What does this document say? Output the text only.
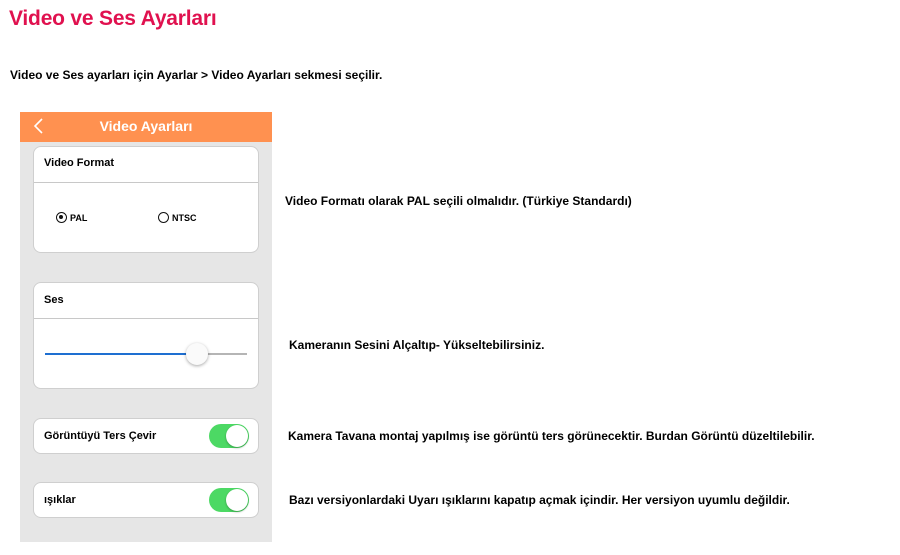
Video ve Ses Ayarları
Video ve Ses ayarları için Ayarlar > Video Ayarları sekmesi seçilir.
Video Ayarları
Video Format
PAL	NTSC
Ses
Görüntüyü Ters Çevir
ışıklar
Video Formatı olarak PAL seçili olmalıdır. (Türkiye Standardı)
Kameranın Sesini Alçaltıp- Yükseltebilirsiniz.
Kamera Tavana montaj yapılmış ise görüntü ters görünecektir. Burdan Görüntü düzeltilebilir.
Bazı versiyonlardaki Uyarı ışıklarını kapatıp açmak içindir. Her versiyon uyumlu değildir.
